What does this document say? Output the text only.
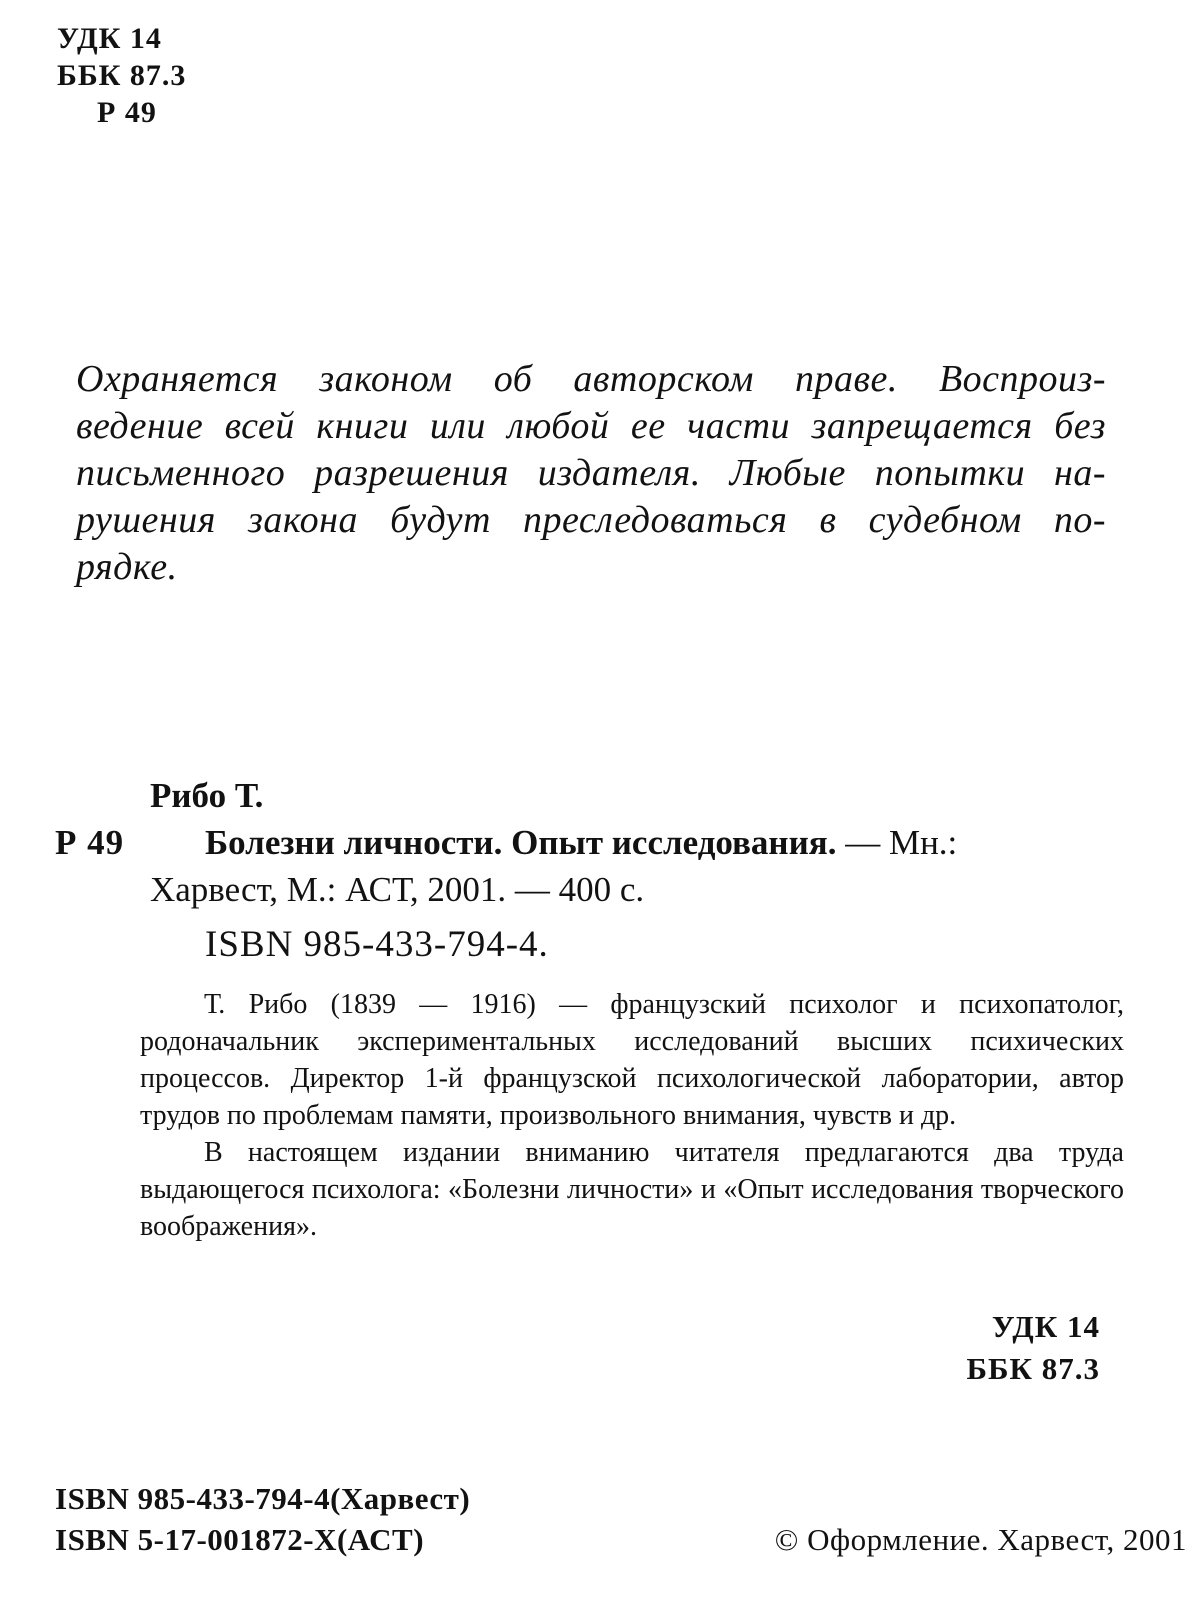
УДК 14
ББК 87.3
Р 49
Охраняется законом об авторском праве. Воспроиз-
ведение всей книги или любой ее части запрещается без
письменного разрешения издателя. Любые попытки на-
рушения закона будут преследоваться в судебном по-
рядке.
Рибо Т.
Р 49 Болезни личности. Опыт исследования. — Мн.:
Харвест, М.: АСТ, 2001. — 400 с.
ISBN 985-433-794-4.

Т. Рибо (1839 — 1916) — французский психолог и психопатолог, родоначальник экспериментальных исследований высших психических процессов. Директор 1-й французской психологической лаборатории, автор трудов по проблемам памяти, произвольного внимания, чувств и др.

В настоящем издании вниманию читателя предлагаются два труда выдающегося психолога: «Болезни личности» и «Опыт исследования творческого воображения».

УДК 14
ББК 87.3
ISBN 985-433-794-4(Харвест)
ISBN 5-17-001872-X(АСТ)	© Оформление. Харвест, 2001
